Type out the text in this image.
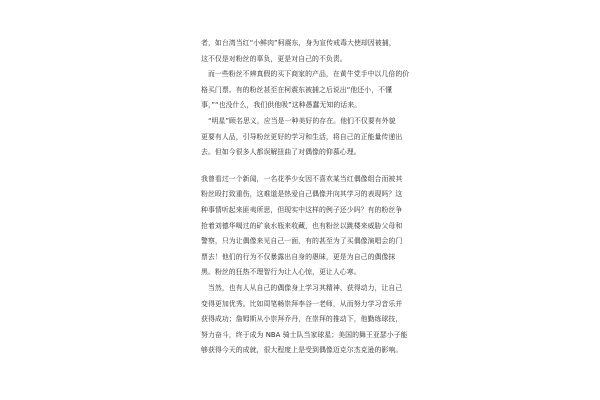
者，如台湾当红“小鲜肉”柯震东，身为宣传戒毒大使却因被捕，
这不仅是对粉丝的辜负，更是对自己的不负责。
　而一些粉丝不辨真假的买下商家的产品，在黄牛党手中以几倍的价
格买门票。有的粉丝甚至在柯震东被捕之后说出“他还小，不懂
事，”“也没什么，我们供他吸”这种愚蠢无知的话来。
　“明星”顾名思义，应当是一种美好的存在。他们不仅要有外貌
更要有人品，引导粉丝更好的学习和生活，将自己的正能量传递出
去。但如今很多人都误解扭曲了对偶像的仰慕心理。
我曾看过一个新闻，一名花季少女因不喜欢某当红偶像组合而被其
粉丝殴打致重伤，这难道是热爱自己偶像并向其学习的表现吗？这
种事情听起来匪夷所思，但现实中这样的例子还少吗？有的粉丝争
抢着刘德华喝过的矿泉水瓶来收藏，也有粉丝以跳楼来威胁父母和
警察，只为让偶像来见自己一面，有的甚至为了买偶像演唱会的门
票去！他们的行为不仅暴露出自身的愚昧，更是为自己的偶像抹
黑。粉丝的狂热不理智行为让人心惊，更让人心寒。
　当然，也有人从自己的偶像身上学习其精神、获得动力，让自己
变得更加优秀。比如周笔畅崇拜李谷一老师，从而努力学习音乐并
获得成功；詹姆斯从小崇拜乔丹，在崇拜的推动下，他勤练球技，
努力奋斗，终于成为 NBA 骑士队当家球星；美国的舞王亚瑟小子能
够获得今天的成就，很大程度上是受到偶像迈克尔杰克逊的影响。
